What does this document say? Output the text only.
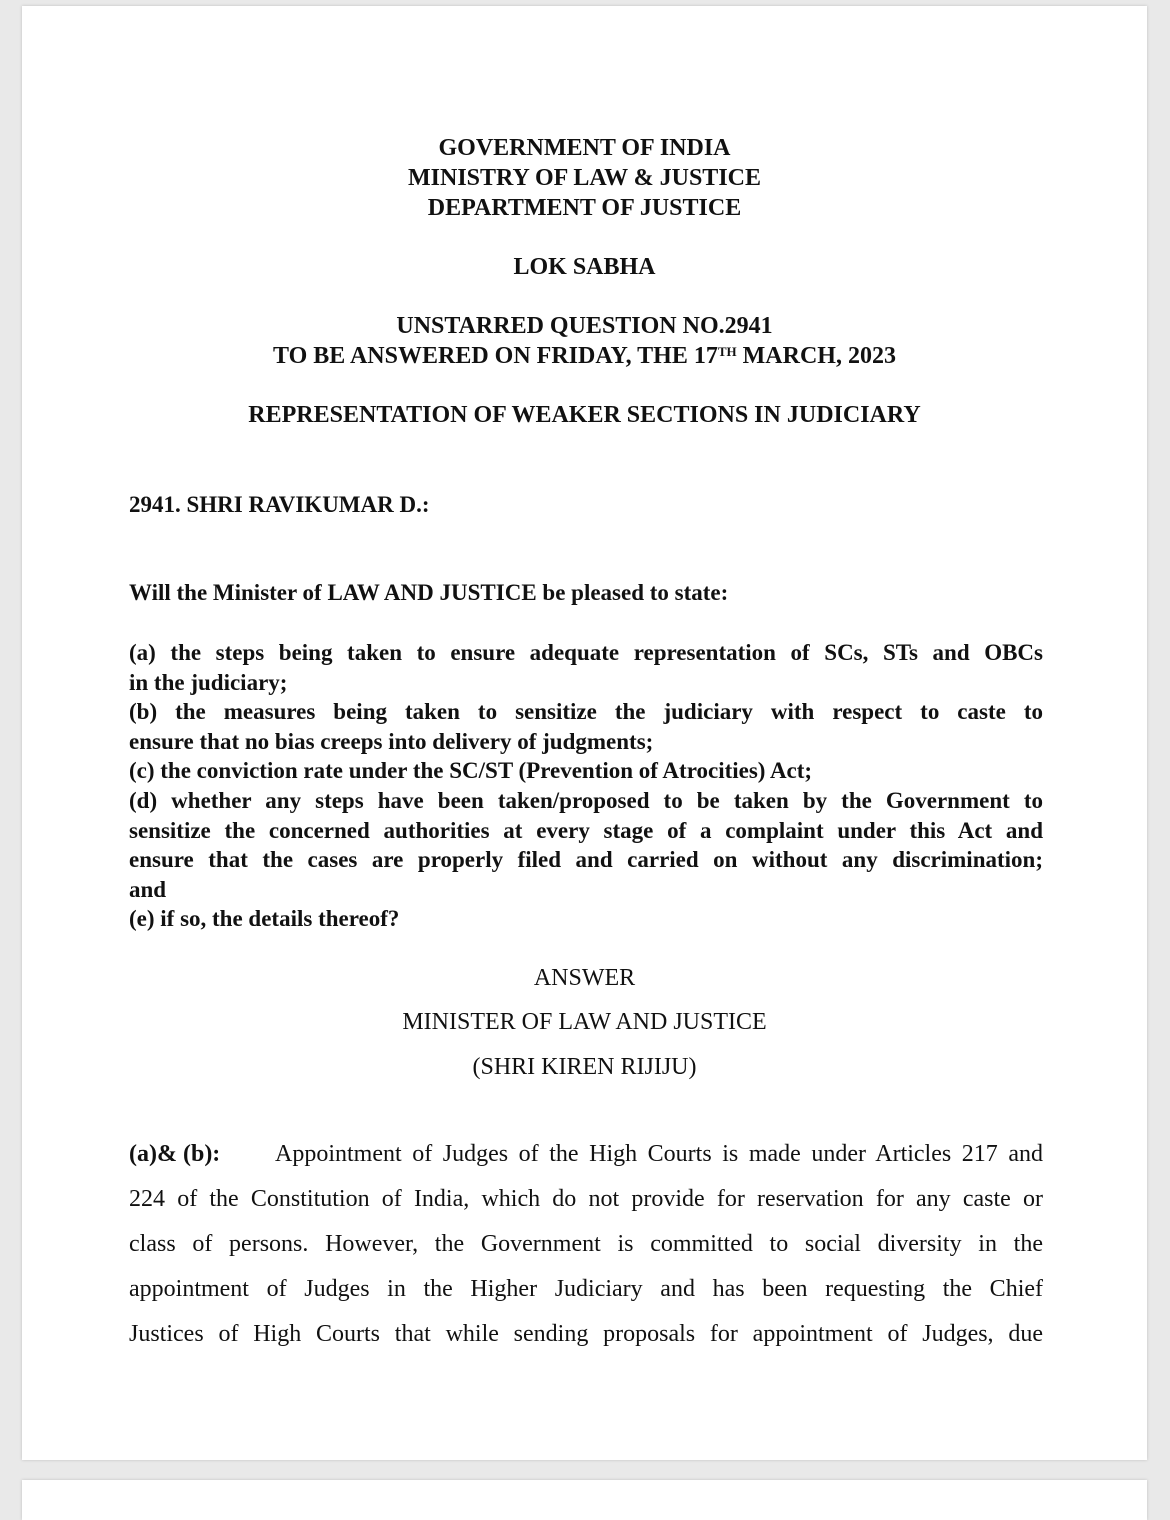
GOVERNMENT OF INDIA
MINISTRY OF LAW & JUSTICE
DEPARTMENT OF JUSTICE
LOK SABHA
UNSTARRED QUESTION NO.2941
TO BE ANSWERED ON FRIDAY, THE 17TH MARCH, 2023
REPRESENTATION OF WEAKER SECTIONS IN JUDICIARY
2941. SHRI RAVIKUMAR D.:
Will the Minister of LAW AND JUSTICE be pleased to state:
(a) the steps being taken to ensure adequate representation of SCs, STs and OBCs
in the judiciary;
(b) the measures being taken to sensitize the judiciary with respect to caste to
ensure that no bias creeps into delivery of judgments;
(c) the conviction rate under the SC/ST (Prevention of Atrocities) Act;
(d) whether any steps have been taken/proposed to be taken by the Government to
sensitize the concerned authorities at every stage of a complaint under this Act and
ensure that the cases are properly filed and carried on without any discrimination;
and
(e) if so, the details thereof?
ANSWER
MINISTER OF LAW AND JUSTICE
(SHRI KIREN RIJIJU)
(a)& (b):	Appointment of Judges of the High Courts is made under Articles 217 and
224 of the Constitution of India, which do not provide for reservation for any caste or
class of persons. However, the Government is committed to social diversity in the
appointment of Judges in the Higher Judiciary and has been requesting the Chief
Justices of High Courts that while sending proposals for appointment of Judges, due
